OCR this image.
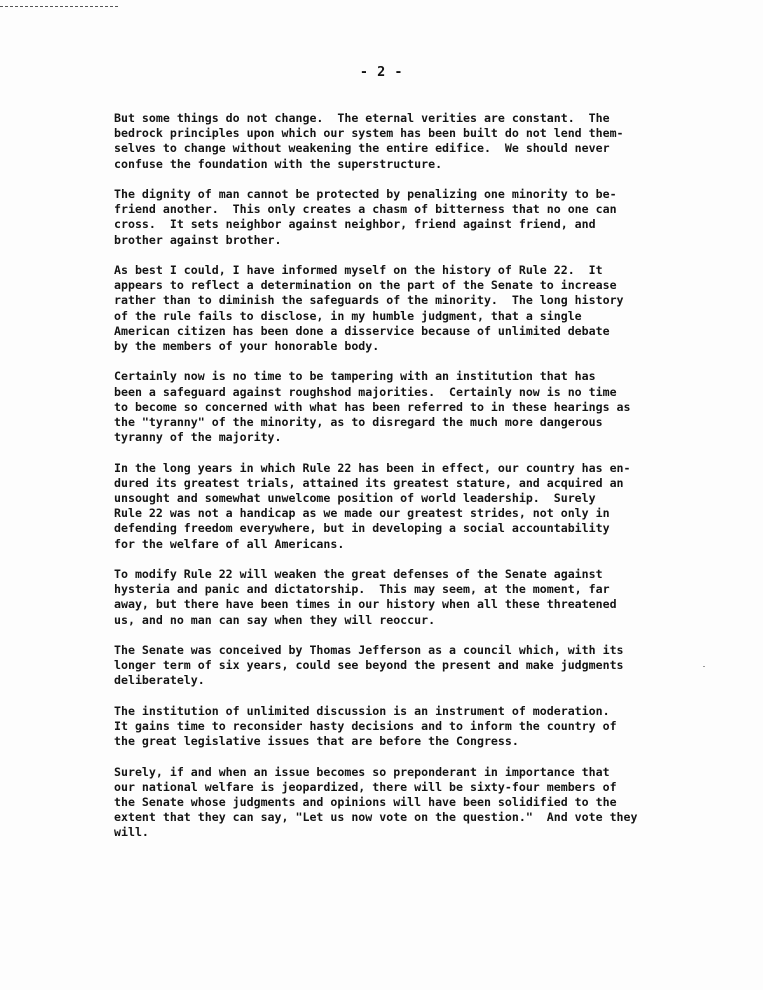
- 2 -

But some things do not change.  The eternal verities are constant.  The
bedrock principles upon which our system has been built do not lend them-
selves to change without weakening the entire edifice.  We should never
confuse the foundation with the superstructure.

The dignity of man cannot be protected by penalizing one minority to be-
friend another.  This only creates a chasm of bitterness that no one can
cross.  It sets neighbor against neighbor, friend against friend, and
brother against brother.

As best I could, I have informed myself on the history of Rule 22.  It
appears to reflect a determination on the part of the Senate to increase
rather than to diminish the safeguards of the minority.  The long history
of the rule fails to disclose, in my humble judgment, that a single
American citizen has been done a disservice because of unlimited debate
by the members of your honorable body.

Certainly now is no time to be tampering with an institution that has
been a safeguard against roughshod majorities.  Certainly now is no time
to become so concerned with what has been referred to in these hearings as
the "tyranny" of the minority, as to disregard the much more dangerous
tyranny of the majority.

In the long years in which Rule 22 has been in effect, our country has en-
dured its greatest trials, attained its greatest stature, and acquired an
unsought and somewhat unwelcome position of world leadership.  Surely
Rule 22 was not a handicap as we made our greatest strides, not only in
defending freedom everywhere, but in developing a social accountability
for the welfare of all Americans.

To modify Rule 22 will weaken the great defenses of the Senate against
hysteria and panic and dictatorship.  This may seem, at the moment, far
away, but there have been times in our history when all these threatened
us, and no man can say when they will reoccur.

The Senate was conceived by Thomas Jefferson as a council which, with its
longer term of six years, could see beyond the present and make judgments
deliberately.

The institution of unlimited discussion is an instrument of moderation.
It gains time to reconsider hasty decisions and to inform the country of
the great legislative issues that are before the Congress.

Surely, if and when an issue becomes so preponderant in importance that
our national welfare is jeopardized, there will be sixty-four members of
the Senate whose judgments and opinions will have been solidified to the
extent that they can say, "Let us now vote on the question."  And vote they
will.
